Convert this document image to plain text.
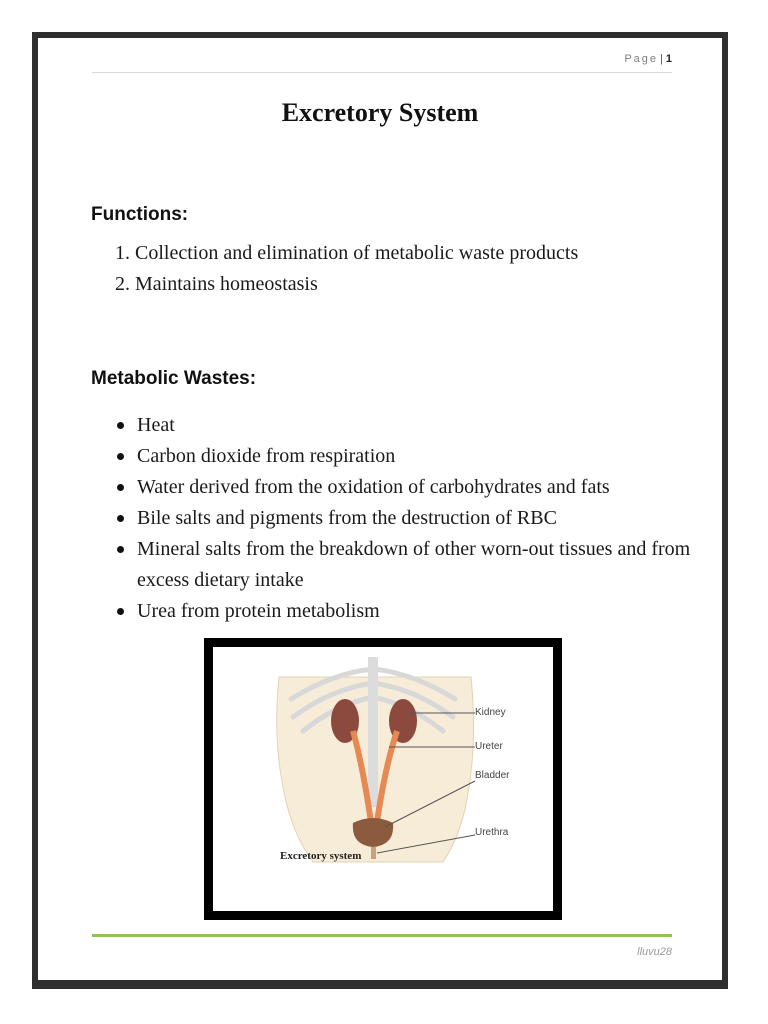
Page | 1
Excretory System
Functions:
1. Collection and elimination of metabolic waste products
2. Maintains homeostasis
Metabolic Wastes:
Heat
Carbon dioxide from respiration
Water derived from the oxidation of carbohydrates and fats
Bile salts and pigments from the destruction of RBC
Mineral salts from the breakdown of other worn-out tissues and from excess dietary intake
Urea from protein metabolism
Kidney
Ureter
Bladder
Urethra
Excretory system
lluvu28
